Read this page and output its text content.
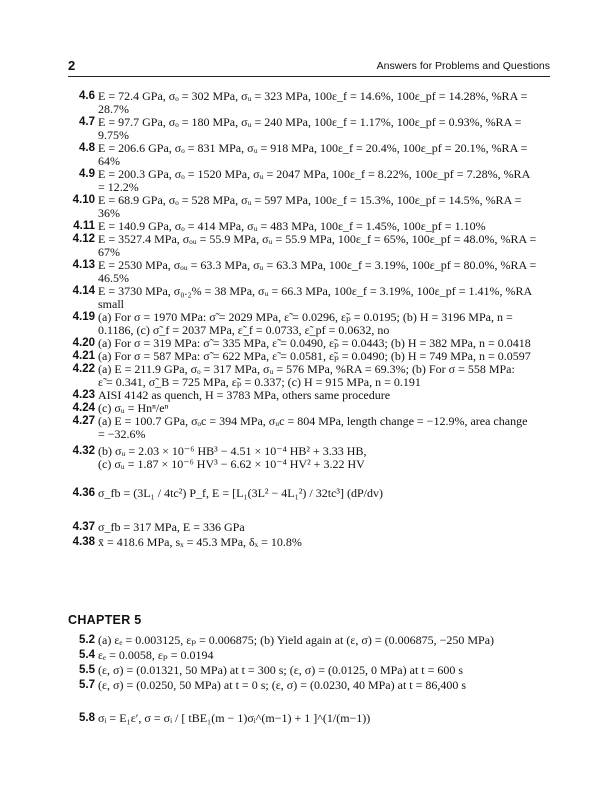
2	Answers for Problems and Questions
4.6 E = 72.4 GPa, σₒ = 302 MPa, σᵤ = 323 MPa, 100ε_f = 14.6%, 100ε_pf = 14.28%, %RA =
28.7%
4.7 E = 97.7 GPa, σₒ = 180 MPa, σᵤ = 240 MPa, 100ε_f = 1.17%, 100ε_pf = 0.93%, %RA =
9.75%
4.8 E = 206.6 GPa, σₒ = 831 MPa, σᵤ = 918 MPa, 100ε_f = 20.4%, 100ε_pf = 20.1%, %RA =
64%
4.9 E = 200.3 GPa, σₒ = 1520 MPa, σᵤ = 2047 MPa, 100ε_f = 8.22%, 100ε_pf = 7.28%, %RA
= 12.2%
4.10 E = 68.9 GPa, σₒ = 528 MPa, σᵤ = 597 MPa, 100ε_f = 15.3%, 100ε_pf = 14.5%, %RA =
36%
4.11 E = 140.9 GPa, σₒ = 414 MPa, σᵤ = 483 MPa, 100ε_f = 1.45%, 100ε_pf = 1.10%
4.12 E = 3527.4 MPa, σₒᵤ = 55.9 MPa, σᵤ = 55.9 MPa, 100ε_f = 65%, 100ε_pf = 48.0%, %RA =
67%
4.13 E = 2530 MPa, σₒᵤ = 63.3 MPa, σᵤ = 63.3 MPa, 100ε_f = 3.19%, 100ε_pf = 80.0%, %RA =
46.5%
4.14 E = 3730 MPa, σ₀.₂% = 38 MPa, σᵤ = 66.3 MPa, 100ε_f = 3.19%, 100ε_pf = 1.41%, %RA
small
4.19 (a) For σ = 1970 MPa: σ̃ = 2029 MPa, ε̃ = 0.0296, ε̃ₚ = 0.0195; (b) H = 3196 MPa, n =
0.1186, (c) σ̃_f = 2037 MPa, ε̃_f = 0.0733, ε̃_pf = 0.0632, no
4.20 (a) For σ = 319 MPa: σ̃ = 335 MPa, ε̃ = 0.0490, ε̃ₚ = 0.0443; (b) H = 382 MPa, n = 0.0418
4.21 (a) For σ = 587 MPa: σ̃ = 622 MPa, ε̃ = 0.0581, ε̃ₚ = 0.0490; (b) H = 749 MPa, n = 0.0597
4.22 (a) E = 211.9 GPa, σₒ = 317 MPa, σᵤ = 576 MPa, %RA = 69.3%; (b) For σ = 558 MPa:
ε̃ = 0.341, σ̃_B = 725 MPa, ε̃ₚ = 0.337; (c) H = 915 MPa, n = 0.191
4.23 AISI 4142 as quench, H = 3783 MPa, others same procedure
4.24 (c) σᵤ = Hnⁿ/eⁿ
4.27 (a) E = 100.7 GPa, σₒc = 394 MPa, σᵤc = 804 MPa, length change = −12.9%, area change
= −32.6%
4.32 (b) σᵤ = 2.03 × 10⁻⁶ HB³ − 4.51 × 10⁻⁴ HB² + 3.33 HB,
(c) σᵤ = 1.87 × 10⁻⁶ HV³ − 6.62 × 10⁻⁴ HV² + 3.22 HV
4.36 σ_fb = (3L₁ / 4tc²) P_f, E = [L₁(3L² − 4L₁²) / 32tc³] (dP/dv)
4.37 σ_fb = 317 MPa, E = 336 GPa
4.38 x̄ = 418.6 MPa, sₓ = 45.3 MPa, δₓ = 10.8%
CHAPTER 5
5.2 (a) εₑ = 0.003125, εₚ = 0.006875; (b) Yield again at (ε, σ) = (0.006875, −250 MPa)
5.4 εₑ = 0.0058, εₚ = 0.0194
5.5 (ε, σ) = (0.01321, 50 MPa) at t = 300 s; (ε, σ) = (0.0125, 0 MPa) at t = 600 s
5.7 (ε, σ) = (0.0250, 50 MPa) at t = 0 s; (ε, σ) = (0.0230, 40 MPa) at t = 86,400 s
5.8 σᵢ = E₁ε′, σ = σᵢ / [ tBE₁(m − 1)σᵢ^(m−1) + 1 ]^(1/(m−1))
